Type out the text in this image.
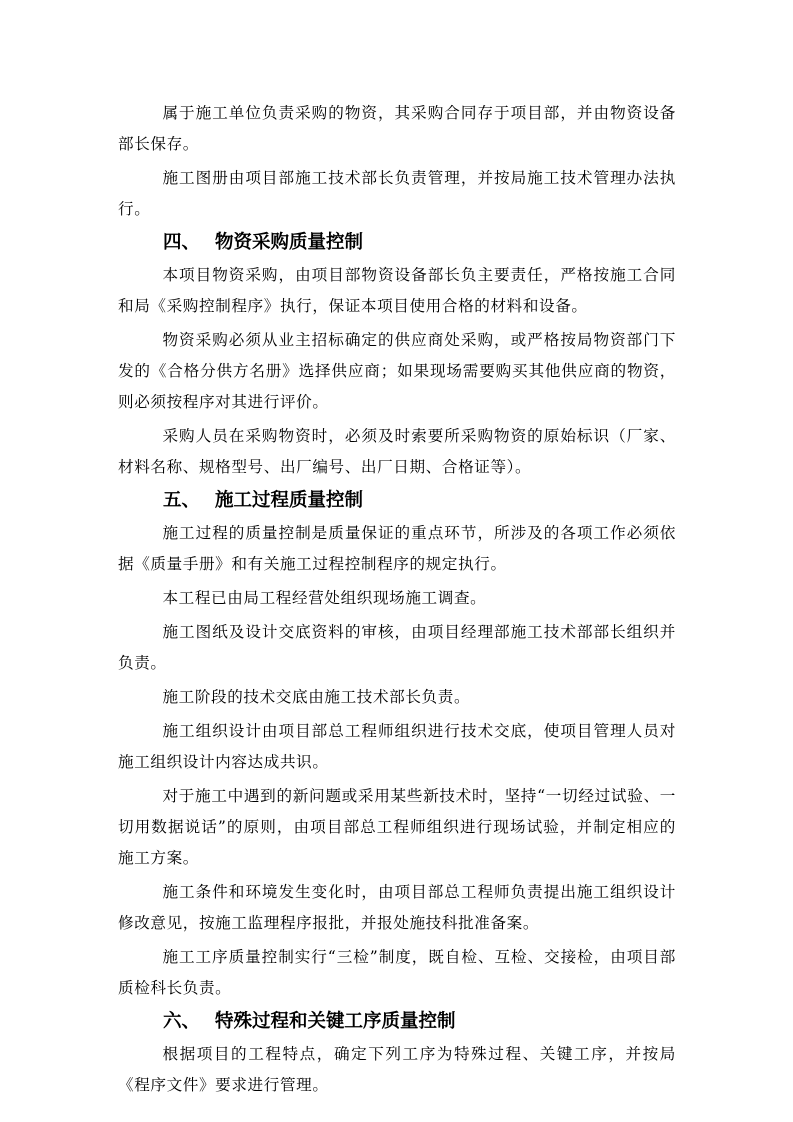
属于施工单位负责采购的物资，其采购合同存于项目部，并由物资设备部长保存。

施工图册由项目部施工技术部长负责管理，并按局施工技术管理办法执行。

四、 物资采购质量控制

本项目物资采购，由项目部物资设备部长负主要责任，严格按施工合同和局《采购控制程序》执行，保证本项目使用合格的材料和设备。

物资采购必须从业主招标确定的供应商处采购，或严格按局物资部门下发的《合格分供方名册》选择供应商；如果现场需要购买其他供应商的物资，则必须按程序对其进行评价。

采购人员在采购物资时，必须及时索要所采购物资的原始标识（厂家、材料名称、规格型号、出厂编号、出厂日期、合格证等）。

五、 施工过程质量控制

施工过程的质量控制是质量保证的重点环节，所涉及的各项工作必须依据《质量手册》和有关施工过程控制程序的规定执行。

本工程已由局工程经营处组织现场施工调查。

施工图纸及设计交底资料的审核，由项目经理部施工技术部部长组织并负责。

施工阶段的技术交底由施工技术部长负责。

施工组织设计由项目部总工程师组织进行技术交底，使项目管理人员对施工组织设计内容达成共识。

对于施工中遇到的新问题或采用某些新技术时，坚持“一切经过试验、一切用数据说话”的原则，由项目部总工程师组织进行现场试验，并制定相应的施工方案。

施工条件和环境发生变化时，由项目部总工程师负责提出施工组织设计修改意见，按施工监理程序报批，并报处施技科批准备案。

施工工序质量控制实行“三检”制度，既自检、互检、交接检，由项目部质检科长负责。

六、 特殊过程和关键工序质量控制

根据项目的工程特点，确定下列工序为特殊过程、关键工序，并按局《程序文件》要求进行管理。
